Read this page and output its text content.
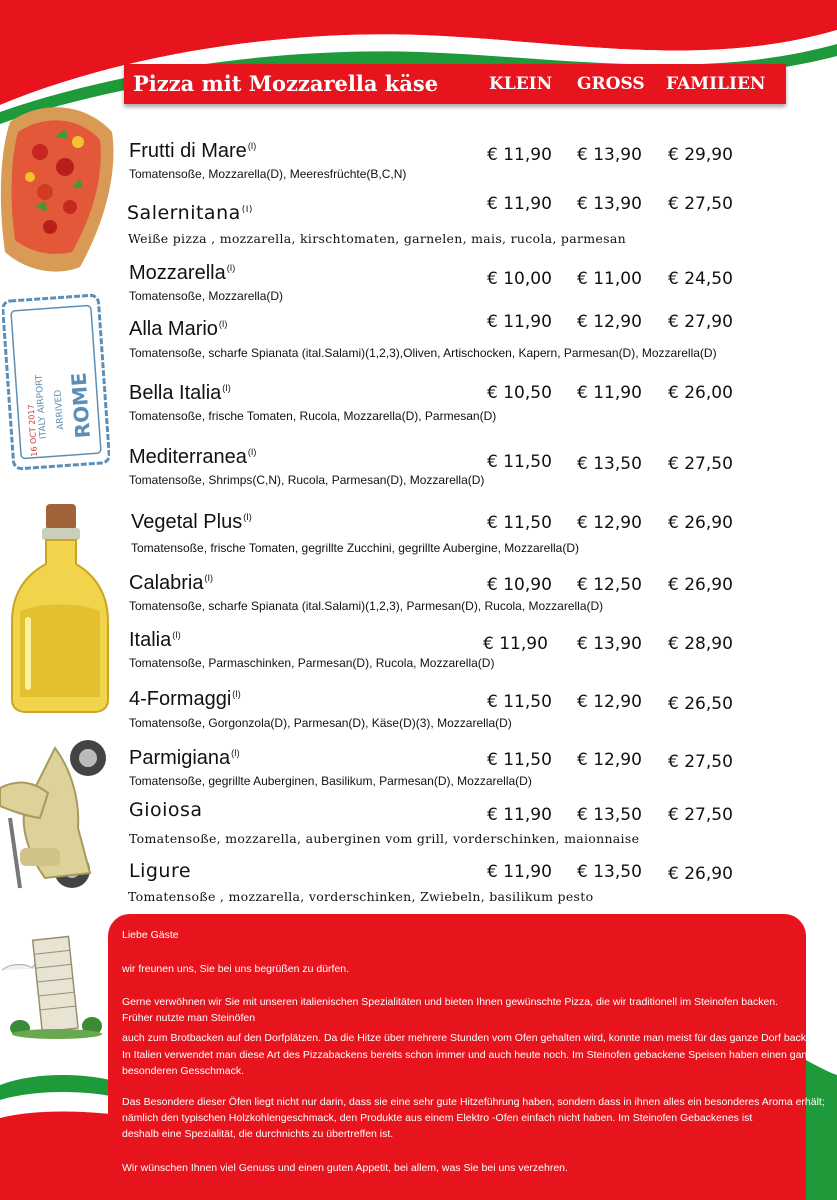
ITALY AIRPORT ARRIVED ROME
16 OCT 2017
Pizza mit Mozzarella käse	KLEIN GROSS FAMILIEN
Frutti di Mare$^{(I)}$
Tomatensoße, Mozzarella(D), Meeresfrüchte(B,C,N)
€ 11,90 € 13,90 € 29,90
Salernitana$^{(I)}$
Weiße pizza , mozzarella, kirschtomaten, garnelen, mais, rucola, parmesan
€ 11,90 € 13,90 € 27,50
Mozzarella$^{(I)}$
Tomatensoße, Mozzarella(D)
€ 10,00 € 11,00 € 24,50
Alla Mario$^{(I)}$
Tomatensoße, scharfe Spianata (ital.Salami)(1,2,3),Oliven, Artischocken, Kapern, Parmesan(D), Mozzarella(D)
€ 11,90 € 12,90 € 27,90
Bella Italia$^{(I)}$
Tomatensoße, frische Tomaten, Rucola, Mozzarella(D), Parmesan(D)
€ 10,50 € 11,90 € 26,00
Mediterranea$^{(I)}$
Tomatensoße, Shrimps(C,N), Rucola, Parmesan(D), Mozzarella(D)
€ 11,50 € 13,50 € 27,50
Vegetal Plus$^{(I)}$
Tomatensoße, frische Tomaten, gegrillte Zucchini, gegrillte Aubergine, Mozzarella(D)
€ 11,50 € 12,90 € 26,90
Calabria$^{(I)}$
Tomatensoße, scharfe Spianata (ital.Salami)(1,2,3), Parmesan(D), Rucola, Mozzarella(D)
€ 10,90 € 12,50 € 26,90
Italia$^{(I)}$
Tomatensoße, Parmaschinken, Parmesan(D), Rucola, Mozzarella(D)
€ 11,90 € 13,90 € 28,90
4-Formaggi$^{(I)}$
Tomatensoße, Gorgonzola(D), Parmesan(D), Käse(D)(3), Mozzarella(D)
€ 11,50 € 12,90 € 26,50
Parmigiana$^{(I)}$
Tomatensoße, gegrillte Auberginen, Basilikum, Parmesan(D), Mozzarella(D)
€ 11,50 € 12,90 € 27,50
Gioiosa
Tomatensoße, mozzarella, auberginen vom grill, vorderschinken, maionnaise
€ 11,90 € 13,50 € 27,50
Ligure
Tomatensoße , mozzarella, vorderschinken, Zwiebeln, basilikum pesto
€ 11,90 € 13,50 € 26,90

Liebe Gäste

wir freunen uns, Sie bei uns begrüßen zu dürfen.

Gerne verwöhnen wir Sie mit unseren italienischen Spezialitäten und bieten Ihnen gewünschte Pizza, die wir traditionell im Steinofen backen.

Früher nutzte man Steinöfen

auch zum Brotbacken auf den Dorfplätzen. Da die Hitze über mehrere Stunden vom Ofen gehalten wird, konnte man meist für das ganze Dorf backen.

In Italien verwendet man diese Art des Pizzabackens bereits schon immer und auch heute noch. Im Steinofen gebackene Speisen haben einen ganz

besonderen Gesschmack.

Das Besondere dieser Öfen liegt nicht nur darin, dass sie eine sehr gute Hitzeführung haben, sondern dass in ihnen alles ein besonderes Aroma erhält;

nämlich den typischen Holzkohlengeschmack, den Produkte aus einem Elektro -Ofen einfach nicht haben. Im Steinofen Gebackenes ist

deshalb eine Spezialität, die durchnichts zu übertreffen ist.

Wir wünschen Ihnen viel Genuss und einen guten Appetit, bei allem, was Sie bei uns verzehren.
